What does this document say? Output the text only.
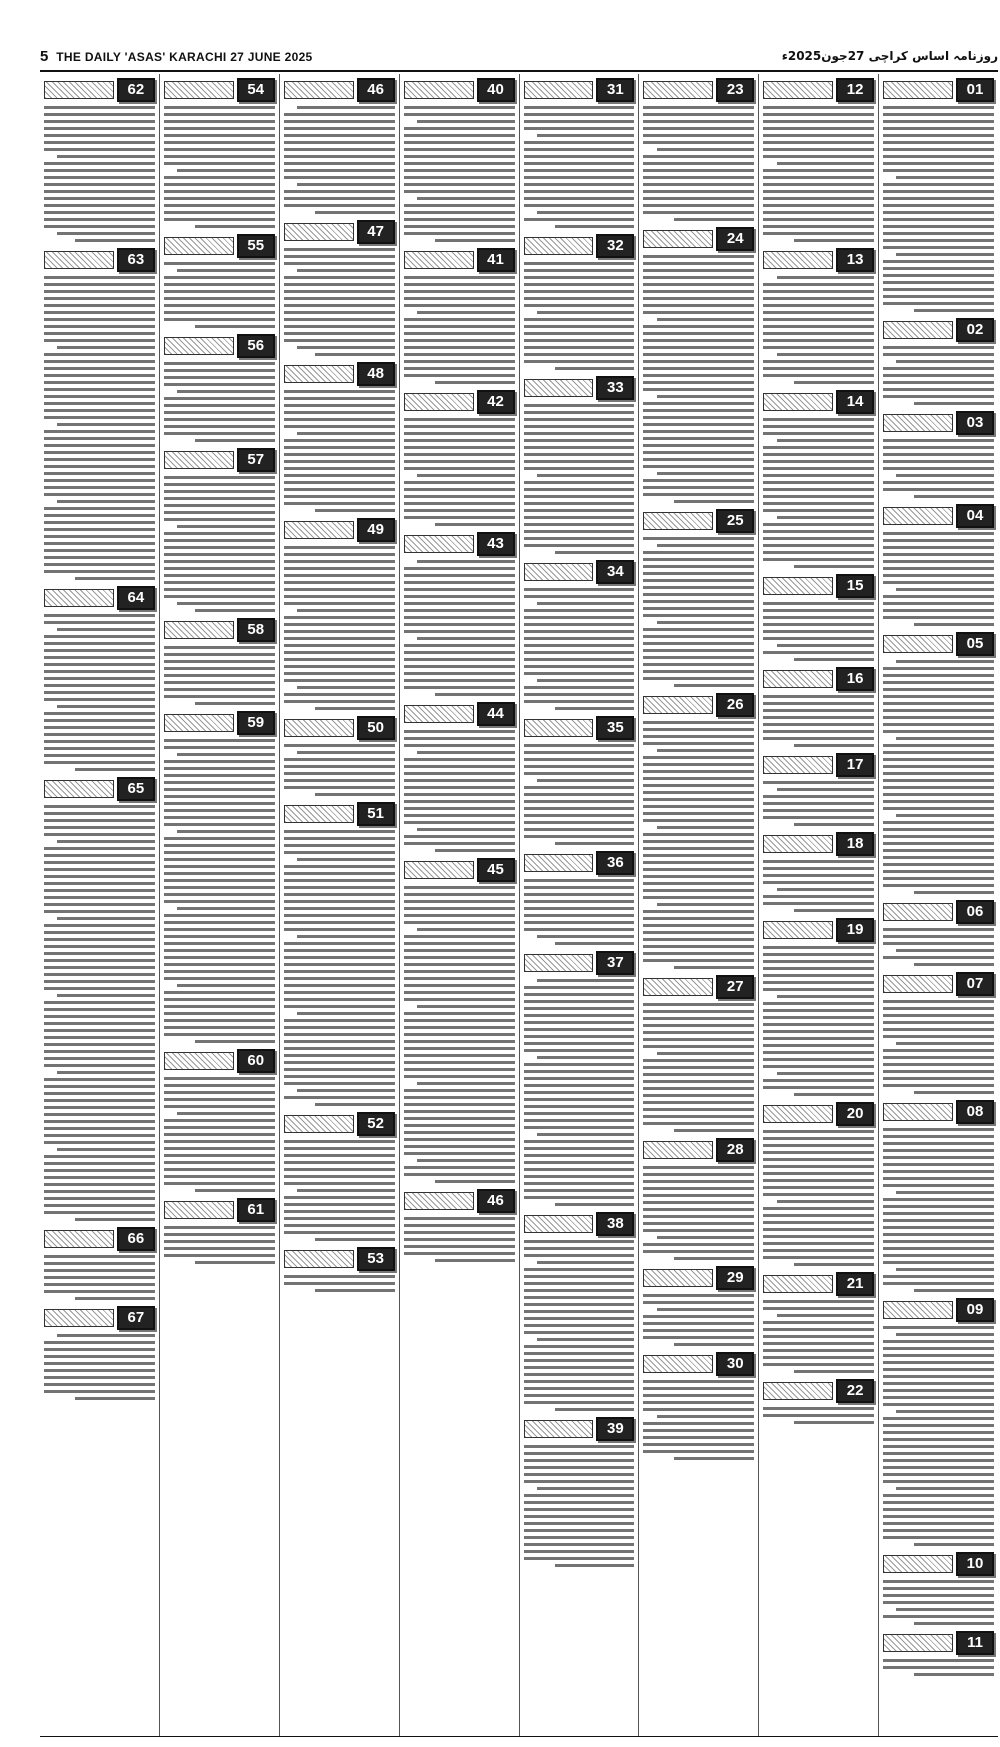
5 THE DAILY 'ASAS' KARACHI 27 JUNE 2025	روزنامہ اساس کراچی 27جون2025ء
01
02
03
04
05
06
07
08
09
10
11
12
13
14
15
16
17
18
19
20
21
22
23
24
25
26
27
28
29
30
31
32
33
34
35
36
37
38
39
40
41
42
43
44
45
46
46
47
48
49
50
51
52
53
54
55
56
57
58
59
60
61
62
63
64
65
66
67
